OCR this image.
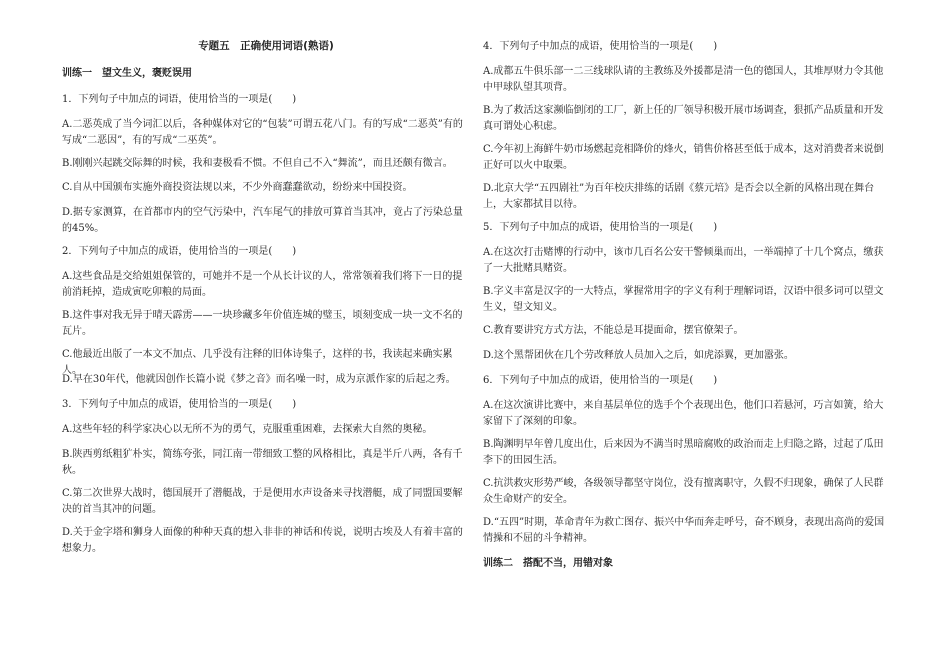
专题五　正确使用词语(熟语)

训练一　望文生义，褒贬误用

1．下列句子中加点的词语，使用恰当的一项是(　　)

A.二恶英成了当今词汇以后，各种媒体对它的“包装”可谓五花八门。有的写成“二恶英”有的写成“二恶因”，有的写成“二巫英”。

B.刚刚兴起跳交际舞的时候，我和妻极看不惯。不但自己不入“舞流”，而且还颇有微言。

C.自从中国颁布实施外商投资法规以来，不少外商蠢蠢欲动，纷纷来中国投资。

D.据专家测算，在首都市内的空气污染中，汽车尾气的排放可算首当其冲，竟占了污染总量的45%。

2．下列句子中加点的成语，使用恰当的一项是(　　)

A.这些食品是交给姐姐保管的，可她并不是一个从长计议的人，常常领着我们将下一日的提前消耗掉，造成寅吃卯粮的局面。

B.这件事对我无异于晴天霹雳——一块珍藏多年价值连城的璧玉，顷刻变成一块一文不名的瓦片。

C.他最近出版了一本文不加点、几乎没有注释的旧体诗集子，这样的书，我读起来确实累人。

D.早在30年代，他就因创作长篇小说《梦之音》而名噪一时，成为京派作家的后起之秀。

3．下列句子中加点的成语，使用恰当的一项是(　　)

A.这些年轻的科学家决心以无所不为的勇气，克服重重困难，去探索大自然的奥秘。

B.陕西剪纸粗犷朴实，简练夸张，同江南一带细致工整的风格相比，真是半斤八两，各有千秋。

C.第二次世界大战时，德国展开了潜艇战，于是便用水声设备来寻找潜艇，成了同盟国要解决的首当其冲的问题。

D.关于金字塔和狮身人面像的种种天真的想入非非的神话和传说，说明古埃及人有着丰富的想象力。

4．下列句子中加点的成语，使用恰当的一项是(　　)

A.成都五牛俱乐部一二三线球队请的主教练及外援都是清一色的德国人，其堆厚财力令其他中甲球队望其项背。

B.为了救活这家濒临倒闭的工厂，新上任的厂领导积极开展市场调查，狠抓产品质量和开发真可谓处心积虑。

C.今年初上海鲜牛奶市场燃起竞相降价的烽火，销售价格甚至低于成本，这对消费者来说倒正好可以火中取栗。

D.北京大学“五四剧社”为百年校庆排练的话剧《蔡元培》是否会以全新的风格出现在舞台上，大家都拭目以待。

5．下列句子中加点的成语，使用恰当的一项是(　　)

A.在这次打击赌博的行动中，该市几百名公安干警倾巢而出，一举端掉了十几个窝点，缴获了一大批赌具赌资。

B.字义丰富是汉字的一大特点，掌握常用字的字义有利于理解词语，汉语中很多词可以望文生义，望文知义。

C.教育要讲究方式方法，不能总是耳提面命，摆官僚架子。

D.这个黑帮团伙在几个劳改释放人员加入之后，如虎添翼，更加嚣张。

6．下列句子中加点的成语，使用恰当的一项是(　　)

A.在这次演讲比赛中，来自基层单位的选手个个表现出色，他们口若悬河，巧言如簧，给大家留下了深刻的印象。

B.陶渊明早年曾几度出仕，后来因为不满当时黑暗腐败的政治而走上归隐之路，过起了瓜田李下的田园生活。

C.抗洪救灾形势严峻，各级领导都坚守岗位，没有擅离职守，久假不归现象，确保了人民群众生命财产的安全。

D.“五四”时期，革命青年为救亡图存、振兴中华而奔走呼号，奋不顾身，表现出高尚的爱国情操和不屈的斗争精神。

训练二　搭配不当，用错对象
